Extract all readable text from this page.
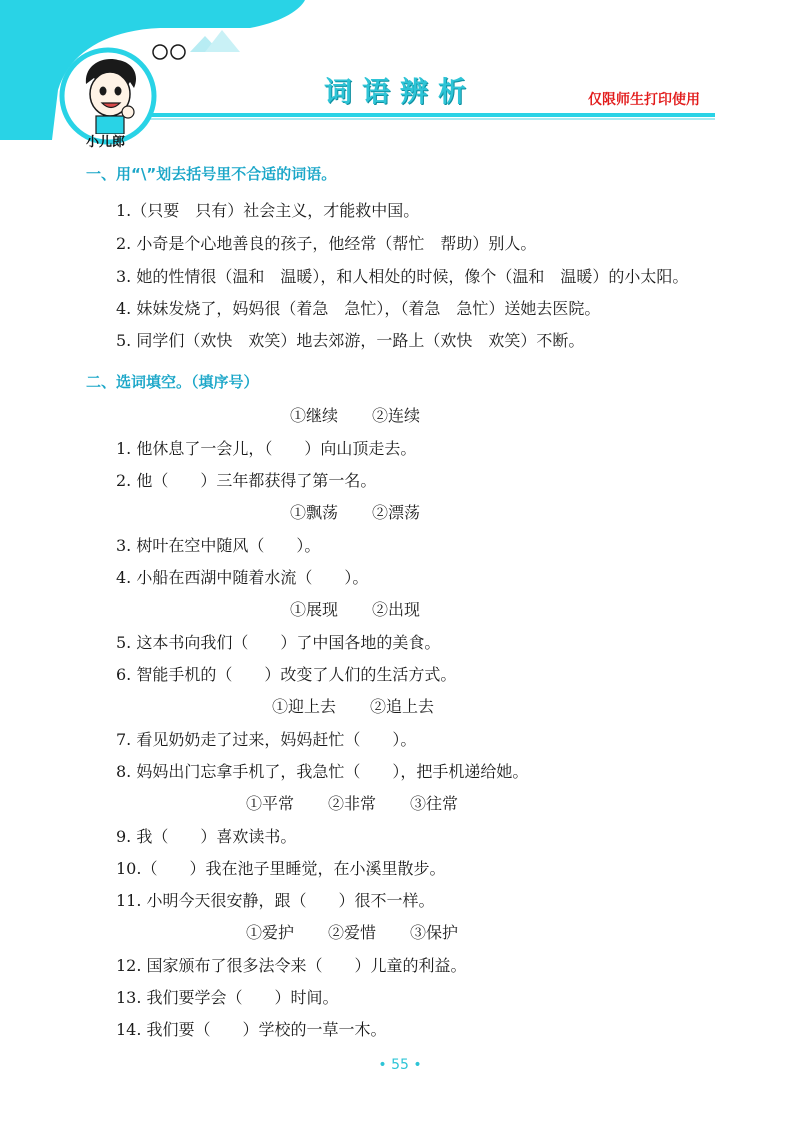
小儿郎
词语辨析	仅限师生打印使用
一、用“\”划去括号里不合适的词语。
1.（只要　只有）社会主义，才能救中国。
2. 小奇是个心地善良的孩子，他经常（帮忙　帮助）别人。
3. 她的性情很（温和　温暖），和人相处的时候，像个（温和　温暖）的小太阳。
4. 妹妹发烧了，妈妈很（着急　急忙），（着急　急忙）送她去医院。
5. 同学们（欢快　欢笑）地去郊游，一路上（欢快　欢笑）不断。
二、选词填空。（填序号）
①继续 ②连续
1. 他休息了一会儿，（　　）向山顶走去。
2. 他（　　）三年都获得了第一名。
①飘荡 ②漂荡
3. 树叶在空中随风（　　）。
4. 小船在西湖中随着水流（　　）。
①展现 ②出现
5. 这本书向我们（　　）了中国各地的美食。
6. 智能手机的（　　）改变了人们的生活方式。
①迎上去 ②追上去
7. 看见奶奶走了过来，妈妈赶忙（　　）。
8. 妈妈出门忘拿手机了，我急忙（　　），把手机递给她。
①平常 ②非常 ③往常
9. 我（　　）喜欢读书。
10.（　　）我在池子里睡觉，在小溪里散步。
11. 小明今天很安静，跟（　　）很不一样。
①爱护 ②爱惜 ③保护
12. 国家颁布了很多法令来（　　）儿童的利益。
13. 我们要学会（　　）时间。
14. 我们要（　　）学校的一草一木。
• 55 •
